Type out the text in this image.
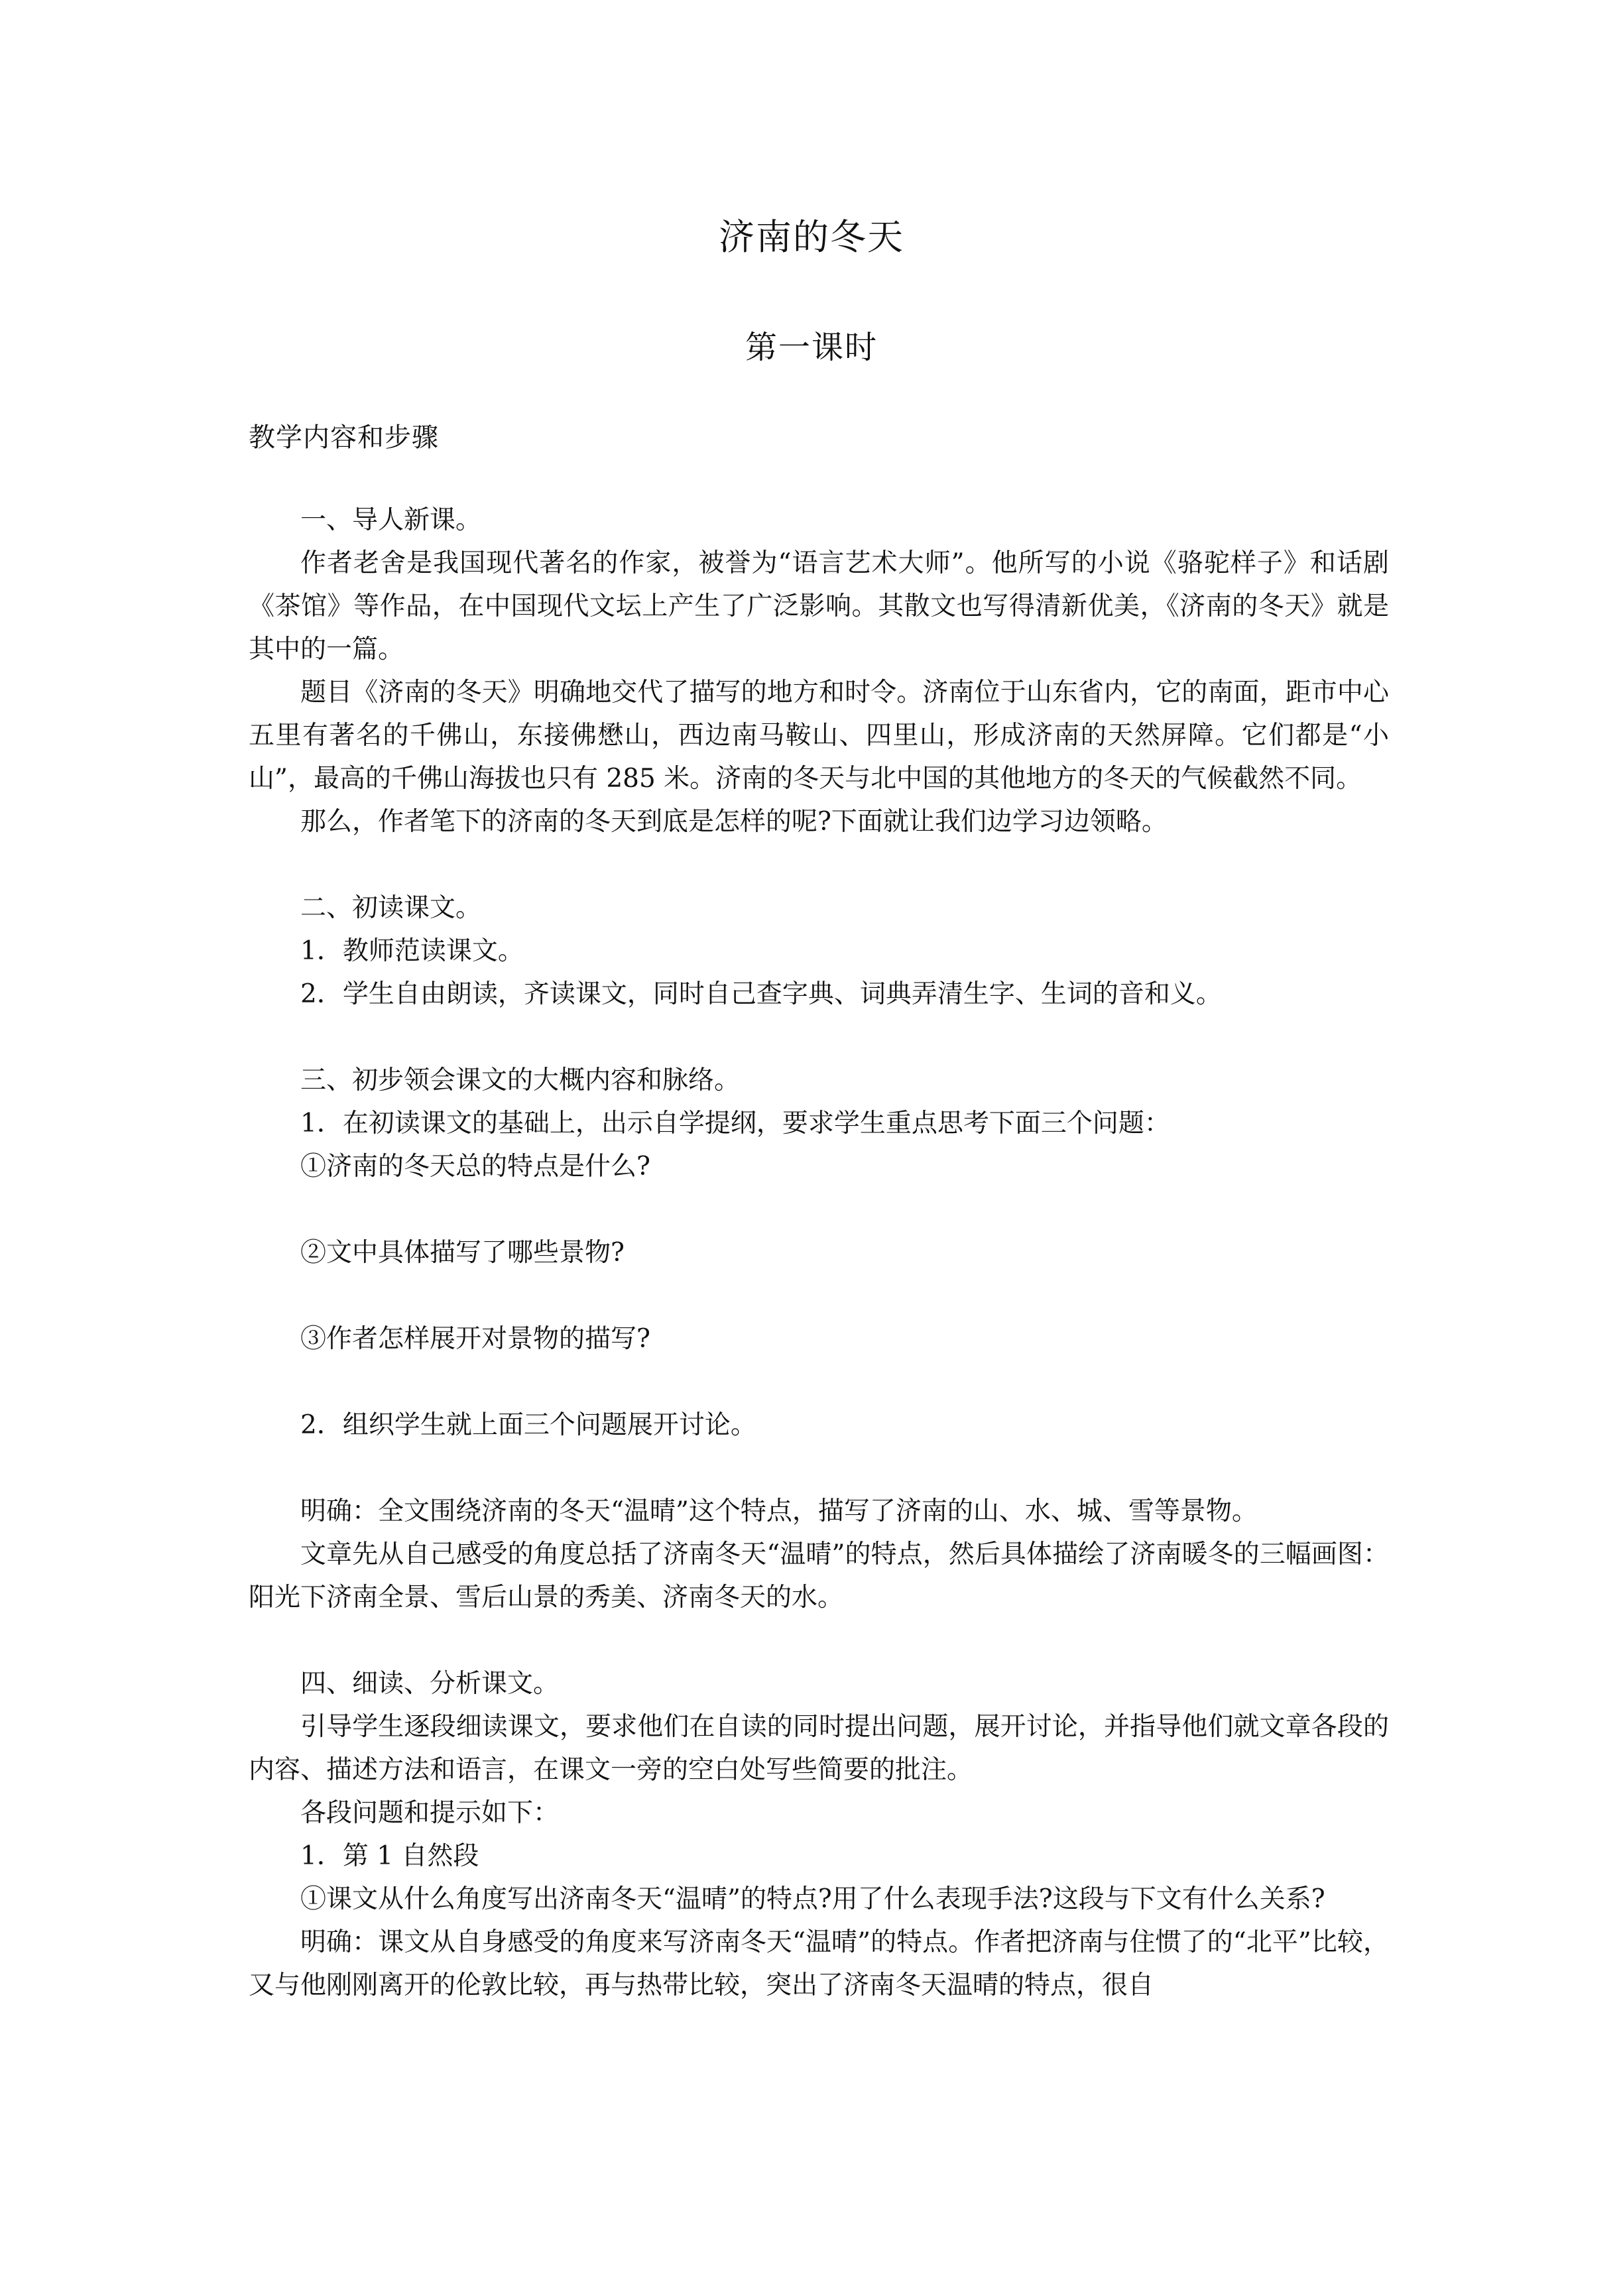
济南的冬天
第一课时
教学内容和步骤

一、导人新课。

作者老舍是我国现代著名的作家，被誉为“语言艺术大师”。他所写的小说《骆驼样子》和话剧《茶馆》等作品，在中国现代文坛上产生了广泛影响。其散文也写得清新优美，《济南的冬天》就是其中的一篇。

题目《济南的冬天》明确地交代了描写的地方和时令。济南位于山东省内，它的南面，距市中心五里有著名的千佛山，东接佛懋山，西边南马鞍山、四里山，形成济南的天然屏障。它们都是“小山”，最高的千佛山海拔也只有 285 米。济南的冬天与北中国的其他地方的冬天的气候截然不同。

那么，作者笔下的济南的冬天到底是怎样的呢?下面就让我们边学习边领略。

二、初读课文。

1．教师范读课文。

2．学生自由朗读，齐读课文，同时自己查字典、词典弄清生字、生词的音和义。

三、初步领会课文的大概内容和脉络。

1．在初读课文的基础上，出示自学提纲，要求学生重点思考下面三个问题：

①济南的冬天总的特点是什么?

②文中具体描写了哪些景物?

③作者怎样展开对景物的描写?

2．组织学生就上面三个问题展开讨论。

明确：全文围绕济南的冬天“温晴”这个特点，描写了济南的山、水、城、雪等景物。

文章先从自己感受的角度总括了济南冬天“温晴”的特点，然后具体描绘了济南暖冬的三幅画图：阳光下济南全景、雪后山景的秀美、济南冬天的水。

四、细读、分析课文。

引导学生逐段细读课文，要求他们在自读的同时提出问题，展开讨论，并指导他们就文章各段的内容、描述方法和语言，在课文一旁的空白处写些简要的批注。

各段问题和提示如下：

1．第 1 自然段

①课文从什么角度写出济南冬天“温晴”的特点?用了什么表现手法?这段与下文有什么关系?

明确：课文从自身感受的角度来写济南冬天“温晴”的特点。作者把济南与住惯了的“北平”比较，又与他刚刚离开的伦敦比较，再与热带比较，突出了济南冬天温晴的特点，很自
